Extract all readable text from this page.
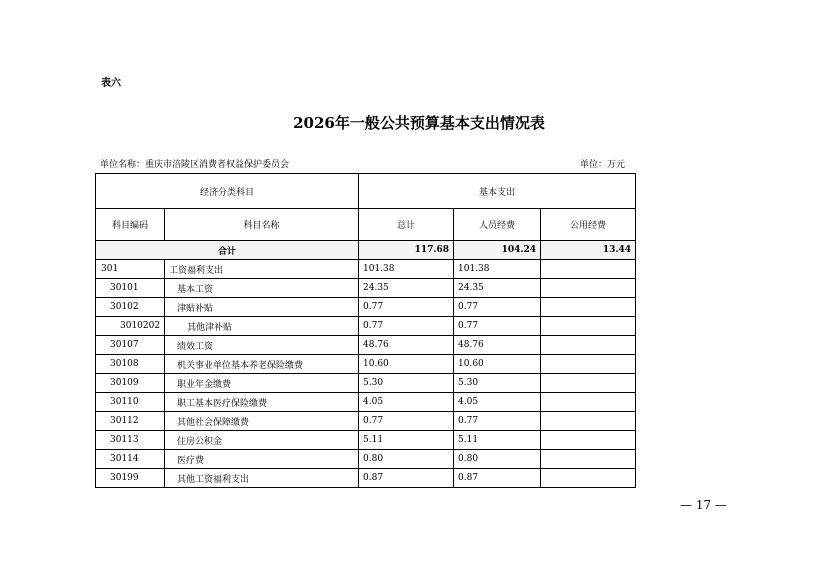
表六
2026年一般公共预算基本支出情况表
单位名称：重庆市涪陵区消费者权益保护委员会	单位：万元
经济分类科目		基本支出		
科目编码	科目名称	总计	人员经费	公用经费
合计		117.68	104.24	13.44
301	工资福利支出	101.38	101.38	
30101	基本工资	24.35	24.35	
30102	津贴补贴	0.77	0.77	
3010202	其他津补贴	0.77	0.77	
30107	绩效工资	48.76	48.76	
30108	机关事业单位基本养老保险缴费	10.60	10.60	
30109	职业年金缴费	5.30	5.30	
30110	职工基本医疗保险缴费	4.05	4.05	
30112	其他社会保障缴费	0.77	0.77	
30113	住房公积金	5.11	5.11	
30114	医疗费	0.80	0.80	
30199	其他工资福利支出	0.87	0.87	
— 17 —
